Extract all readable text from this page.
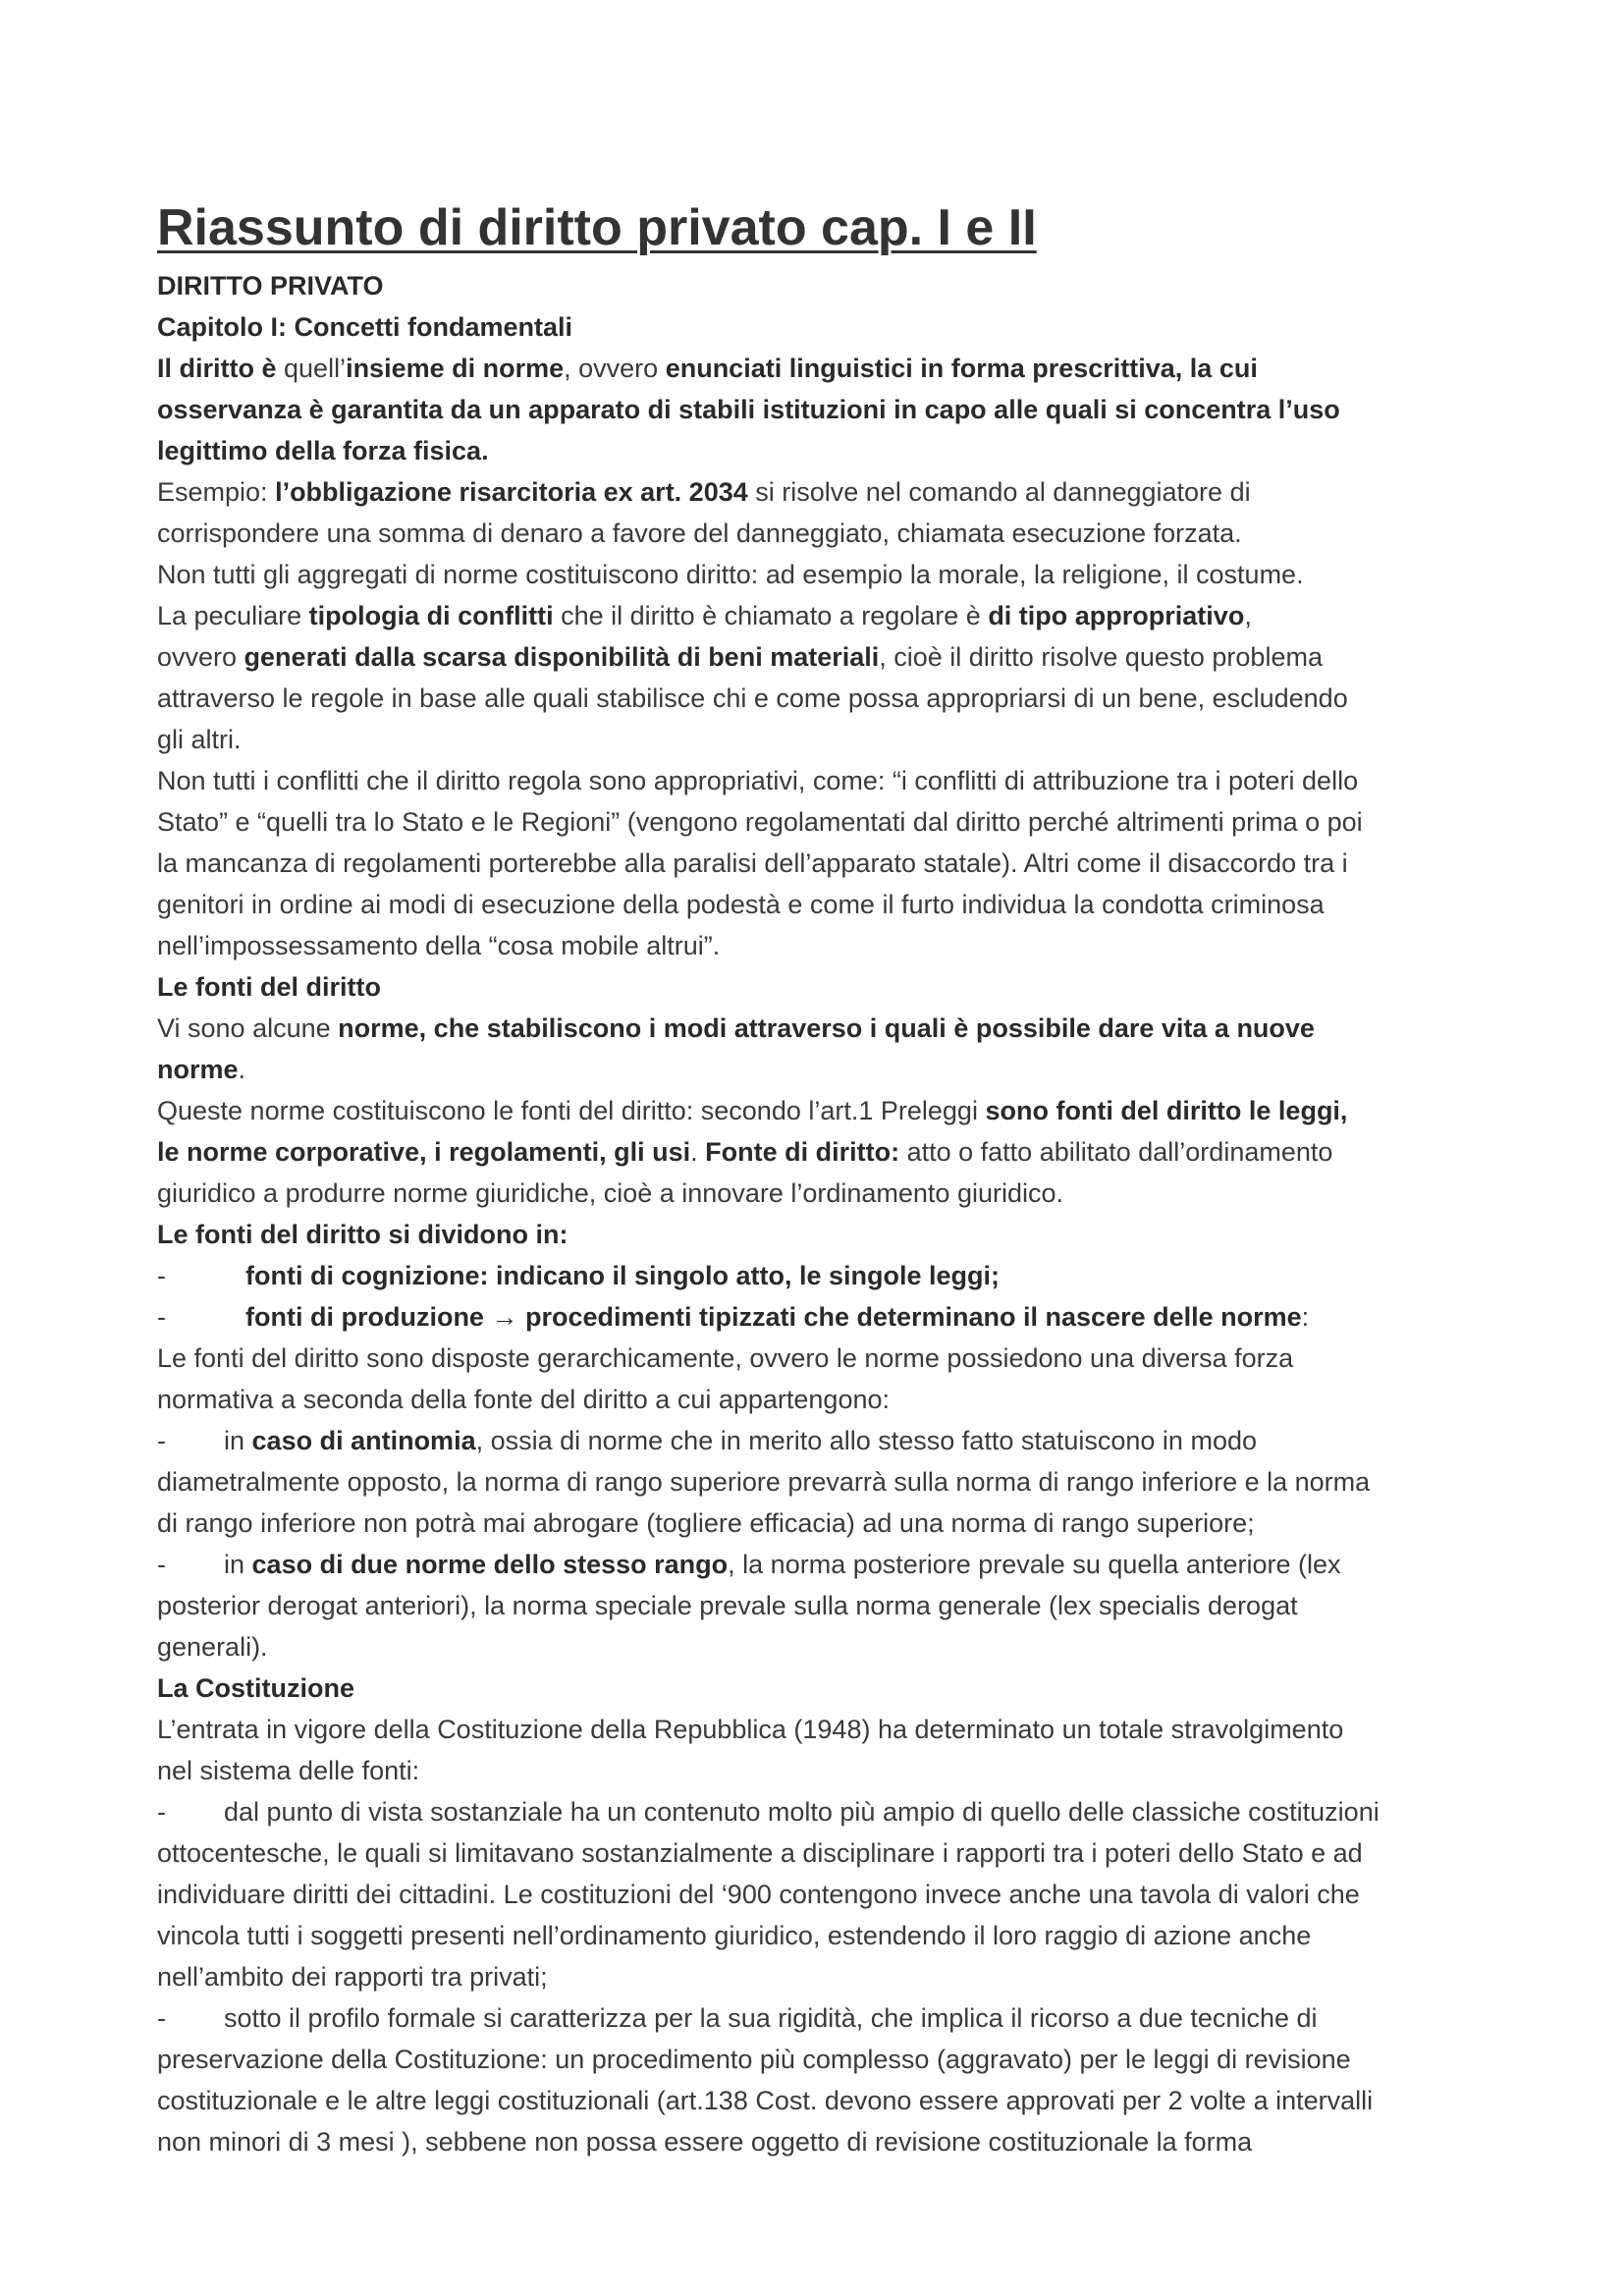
Riassunto di diritto privato cap. I e II

DIRITTO PRIVATO

Capitolo I: Concetti fondamentali

Il diritto è quell’insieme di norme, ovvero enunciati linguistici in forma prescrittiva, la cui

osservanza è garantita da un apparato di stabili istituzioni in capo alle quali si concentra l’uso

legittimo della forza fisica.

Esempio: l’obbligazione risarcitoria ex art. 2034 si risolve nel comando al danneggiatore di

corrispondere una somma di denaro a favore del danneggiato, chiamata esecuzione forzata.

Non tutti gli aggregati di norme costituiscono diritto: ad esempio la morale, la religione, il costume.

La peculiare tipologia di conflitti che il diritto è chiamato a regolare è di tipo appropriativo,

ovvero generati dalla scarsa disponibilità di beni materiali, cioè il diritto risolve questo problema

attraverso le regole in base alle quali stabilisce chi e come possa appropriarsi di un bene, escludendo

gli altri.

Non tutti i conflitti che il diritto regola sono appropriativi, come: “i conflitti di attribuzione tra i poteri dello

Stato” e “quelli tra lo Stato e le Regioni” (vengono regolamentati dal diritto perché altrimenti prima o poi

la mancanza di regolamenti porterebbe alla paralisi dell’apparato statale). Altri come il disaccordo tra i

genitori in ordine ai modi di esecuzione della podestà e come il furto individua la condotta criminosa

nell’impossessamento della “cosa mobile altrui”.

Le fonti del diritto

Vi sono alcune norme, che stabiliscono i modi attraverso i quali è possibile dare vita a nuove

norme.

Queste norme costituiscono le fonti del diritto: secondo l’art.1 Preleggi sono fonti del diritto le leggi,

le norme corporative, i regolamenti, gli usi. Fonte di diritto: atto o fatto abilitato dall’ordinamento

giuridico a produrre norme giuridiche, cioè a innovare l’ordinamento giuridico.

Le fonti del diritto si dividono in:

-	fonti di cognizione: indicano il singolo atto, le singole leggi;

-	fonti di produzione → procedimenti tipizzati che determinano il nascere delle norme:

Le fonti del diritto sono disposte gerarchicamente, ovvero le norme possiedono una diversa forza

normativa a seconda della fonte del diritto a cui appartengono:

- in caso di antinomia, ossia di norme che in merito allo stesso fatto statuiscono in modo

diametralmente opposto, la norma di rango superiore prevarrà sulla norma di rango inferiore e la norma

di rango inferiore non potrà mai abrogare (togliere efficacia) ad una norma di rango superiore;

- in caso di due norme dello stesso rango, la norma posteriore prevale su quella anteriore (lex

posterior derogat anteriori), la norma speciale prevale sulla norma generale (lex specialis derogat

generali).

La Costituzione

L’entrata in vigore della Costituzione della Repubblica (1948) ha determinato un totale stravolgimento

nel sistema delle fonti:

- dal punto di vista sostanziale ha un contenuto molto più ampio di quello delle classiche costituzioni

ottocentesche, le quali si limitavano sostanzialmente a disciplinare i rapporti tra i poteri dello Stato e ad

individuare diritti dei cittadini. Le costituzioni del ‘900 contengono invece anche una tavola di valori che

vincola tutti i soggetti presenti nell’ordinamento giuridico, estendendo il loro raggio di azione anche

nell’ambito dei rapporti tra privati;

- sotto il profilo formale si caratterizza per la sua rigidità, che implica il ricorso a due tecniche di

preservazione della Costituzione: un procedimento più complesso (aggravato) per le leggi di revisione

costituzionale e le altre leggi costituzionali (art.138 Cost. devono essere approvati per 2 volte a intervalli

non minori di 3 mesi ), sebbene non possa essere oggetto di revisione costituzionale la forma
